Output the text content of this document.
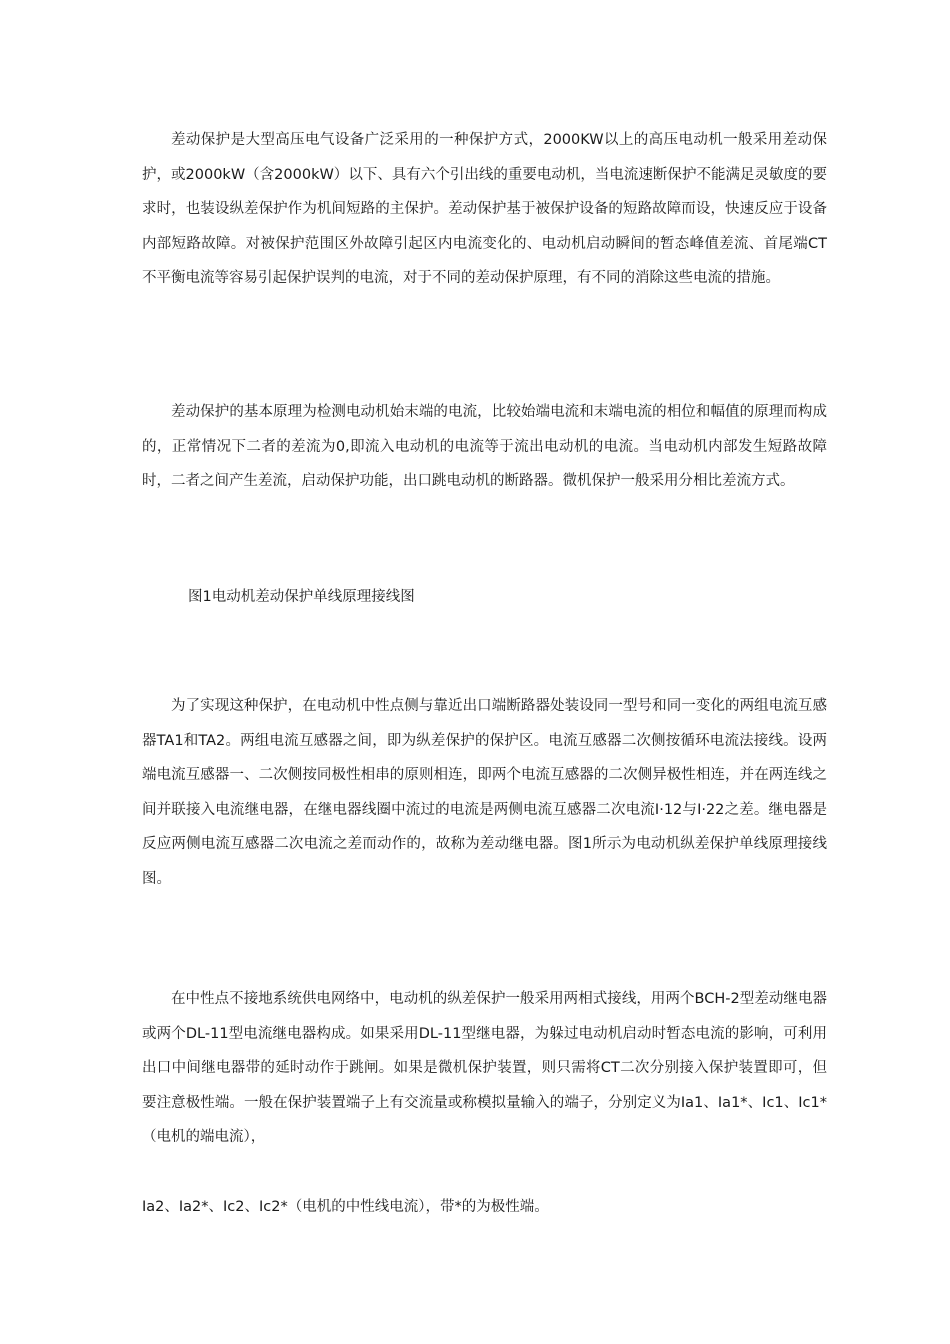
差动保护是大型高压电气设备广泛采用的一种保护方式，2000KW以上的高压电动机一般采用差动保护，或2000kW（含2000kW）以下、具有六个引出线的重要电动机，当电流速断保护不能满足灵敏度的要求时，也装设纵差保护作为机间短路的主保护。差动保护基于被保护设备的短路故障而设，快速反应于设备内部短路故障。对被保护范围区外故障引起区内电流变化的、电动机启动瞬间的暂态峰值差流、首尾端CT不平衡电流等容易引起保护误判的电流，对于不同的差动保护原理，有不同的消除这些电流的措施。

差动保护的基本原理为检测电动机始末端的电流，比较始端电流和末端电流的相位和幅值的原理而构成的，正常情况下二者的差流为0,即流入电动机的电流等于流出电动机的电流。当电动机内部发生短路故障时，二者之间产生差流，启动保护功能，出口跳电动机的断路器。微机保护一般采用分相比差流方式。

图1电动机差动保护单线原理接线图

为了实现这种保护，在电动机中性点侧与靠近出口端断路器处装设同一型号和同一变化的两组电流互感器TA1和TA2。两组电流互感器之间，即为纵差保护的保护区。电流互感器二次侧按循环电流法接线。设两端电流互感器一、二次侧按同极性相串的原则相连，即两个电流互感器的二次侧异极性相连，并在两连线之间并联接入电流继电器，在继电器线圈中流过的电流是两侧电流互感器二次电流I·12与I·22之差。继电器是反应两侧电流互感器二次电流之差而动作的，故称为差动继电器。图1所示为电动机纵差保护单线原理接线图。

在中性点不接地系统供电网络中，电动机的纵差保护一般采用两相式接线，用两个BCH-2型差动继电器或两个DL-11型电流继电器构成。如果采用DL-11型继电器，为躲过电动机启动时暂态电流的影响，可利用出口中间继电器带的延时动作于跳闸。如果是微机保护装置，则只需将CT二次分别接入保护装置即可，但要注意极性端。一般在保护装置端子上有交流量或称模拟量输入的端子，分别定义为Ia1、Ia1*、Ic1、Ic1*（电机的端电流），

Ia2、Ia2*、Ic2、Ic2*（电机的中性线电流），带*的为极性端。
